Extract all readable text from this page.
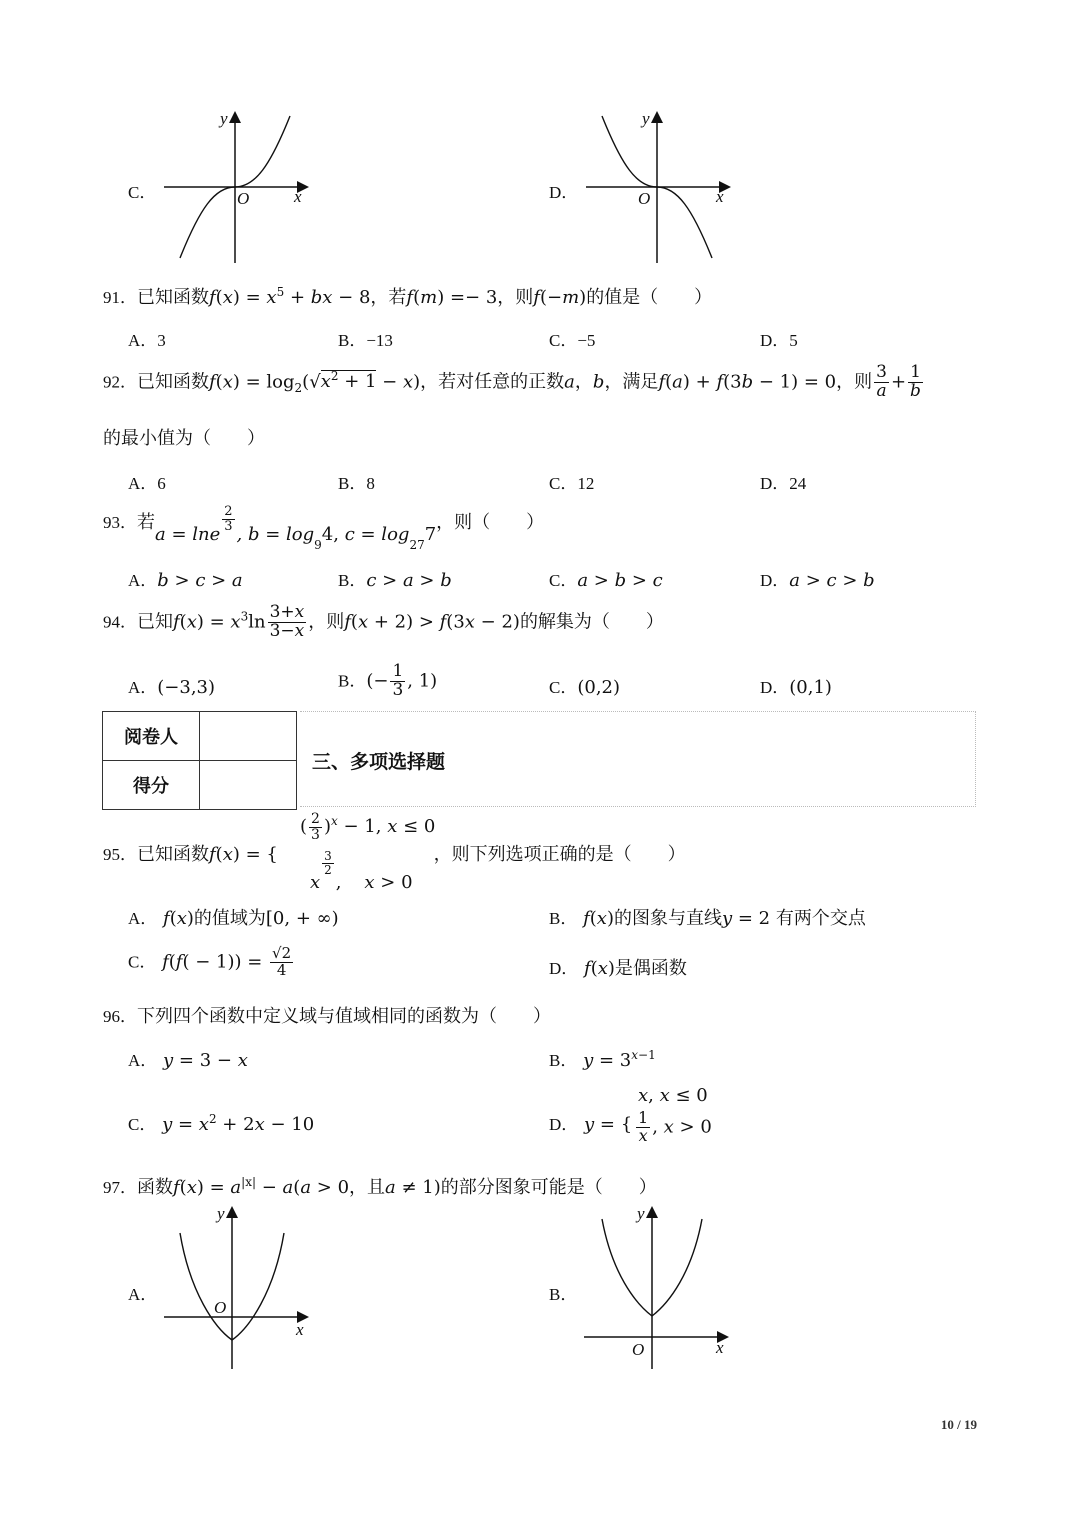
C．
y
x
O	D．
y
x
O
91．已知函数$f(x) = x^5$ + bx − 8，若f(m) =− 3，则f(−m)的值是（　　）
A．3	B．−13	C．−5	D．5
92．已知函数$f(x) = \log_2(√x^2 + 1 - x)$，若对任意的正数a，b，满足f(a) + f(3b − 1) = 0，则 $\frac{3}{a} + \frac{1}{b}$
的最小值为（　　）
A．6	B．8	C．12	D．24
93．若a = lne
$\frac{2}{3}$
, $b = \log_94$, $c = \log_{27}7$，则（　　）
A．b > c > a	B．c > a > b	C．a > b > c	D．a > c > b
94．已知$f(x) = x^3\ln \frac{3+x}{3-x}$ ，则f(x + 2) > f(3x − 2)的解集为（　　）
A．(−3,3)	B．(− $\frac{1}{3}$ , 1)	C．(0,2)	D．(0,1)
阅卷人	
得分	
三、多项选择题
95．已知函数f(x) = {	，则下列选项正确的是（　　）
( $\frac{2}{3} )^x - 1$, x ≤ 0
x
$\frac{3}{2}$
,    x > 0
A． f(x)的值域为[0, + ∞)	B． f(x)的图象与直线y = 2 有两个交点
C． $f(f( - 1)) = \frac{√2}{4}$	D． f(x)是偶函数
96．下列四个函数中定义域与值域相同的函数为（　　）
A． y = 3 − x	B． $y = 3^{x-1}$
C． $y = x^2 + 2x - 10$	D． y = {
x, x ≤ 0
$\frac{1}{x}$ , x > 0
97．函数$f(x) = a^{|x|} - a(a > 0$，且a ≠ 1)的部分图象可能是（　　）
A．
y
x
O
B．
y
x
O
10 / 19
